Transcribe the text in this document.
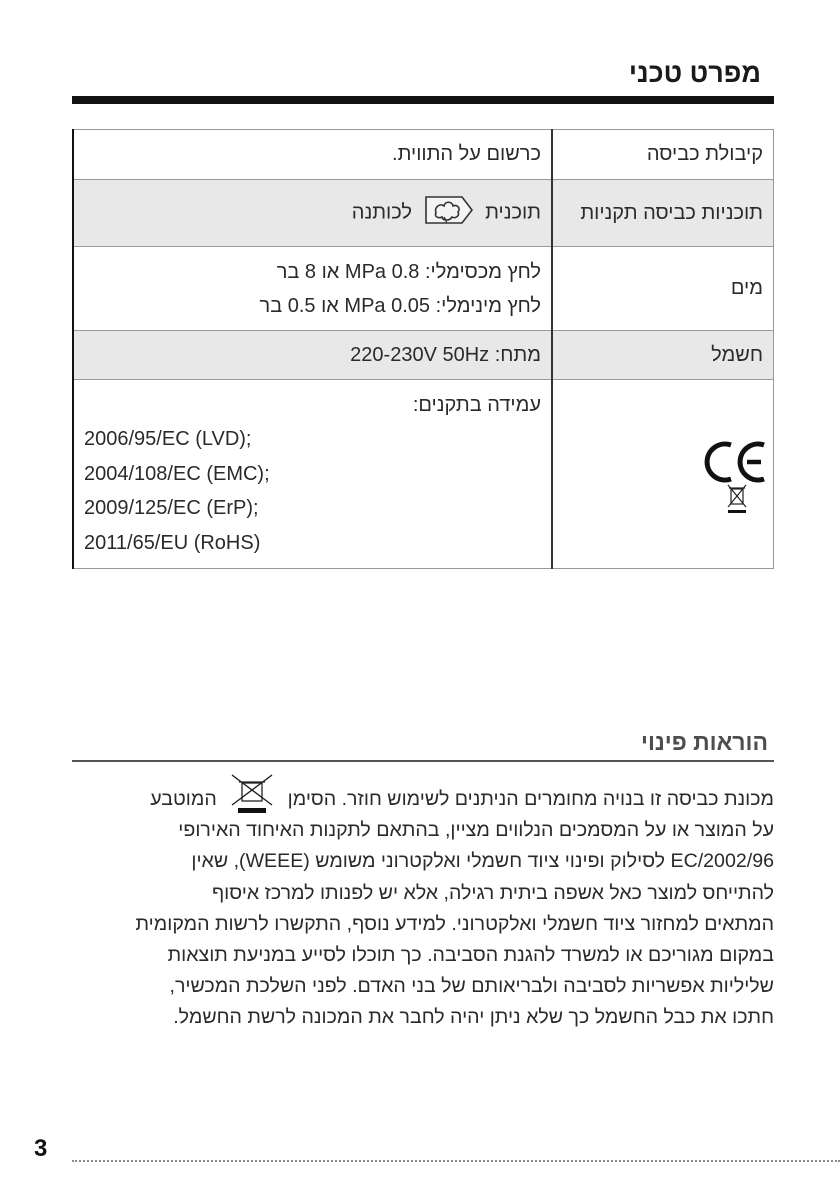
מפרט טכני
קיבולת כביסה	כרשום על התווית.
תוכניות כביסה תקניות	תוכנית  לכותנה
מים	לחץ מכסימלי: 0.8 MPa או 8 בר
לחץ מינימלי: 0.05 MPa או 0.5 בר

חשמל	מתח: 220-230V 50Hz

	עמידה בתקנים:
2006/95/EC (LVD);
2004/108/EC (EMC);
2009/125/EC (ErP);
2011/65/EU (RoHS)
הוראות פינוי
מכונת כביסה זו בנויה מחומרים הניתנים לשימוש חוזר. הסימן
המוטבע
על המוצר או על המסמכים הנלווים מציין, בהתאם לתקנות האיחוד האירופי
EC/2002/96 לסילוק ופינוי ציוד חשמלי ואלקטרוני משומש (WEEE), שאין
להתייחס למוצר כאל אשפה ביתית רגילה, אלא יש לפנותו למרכז איסוף
המתאים למחזור ציוד חשמלי ואלקטרוני. למידע נוסף, התקשרו לרשות המקומית
במקום מגוריכם או למשרד להגנת הסביבה. כך תוכלו לסייע במניעת תוצאות
שליליות אפשריות לסביבה ולבריאותם של בני האדם. לפני השלכת המכשיר,
חתכו את כבל החשמל כך שלא ניתן יהיה לחבר את המכונה לרשת החשמל.
3
